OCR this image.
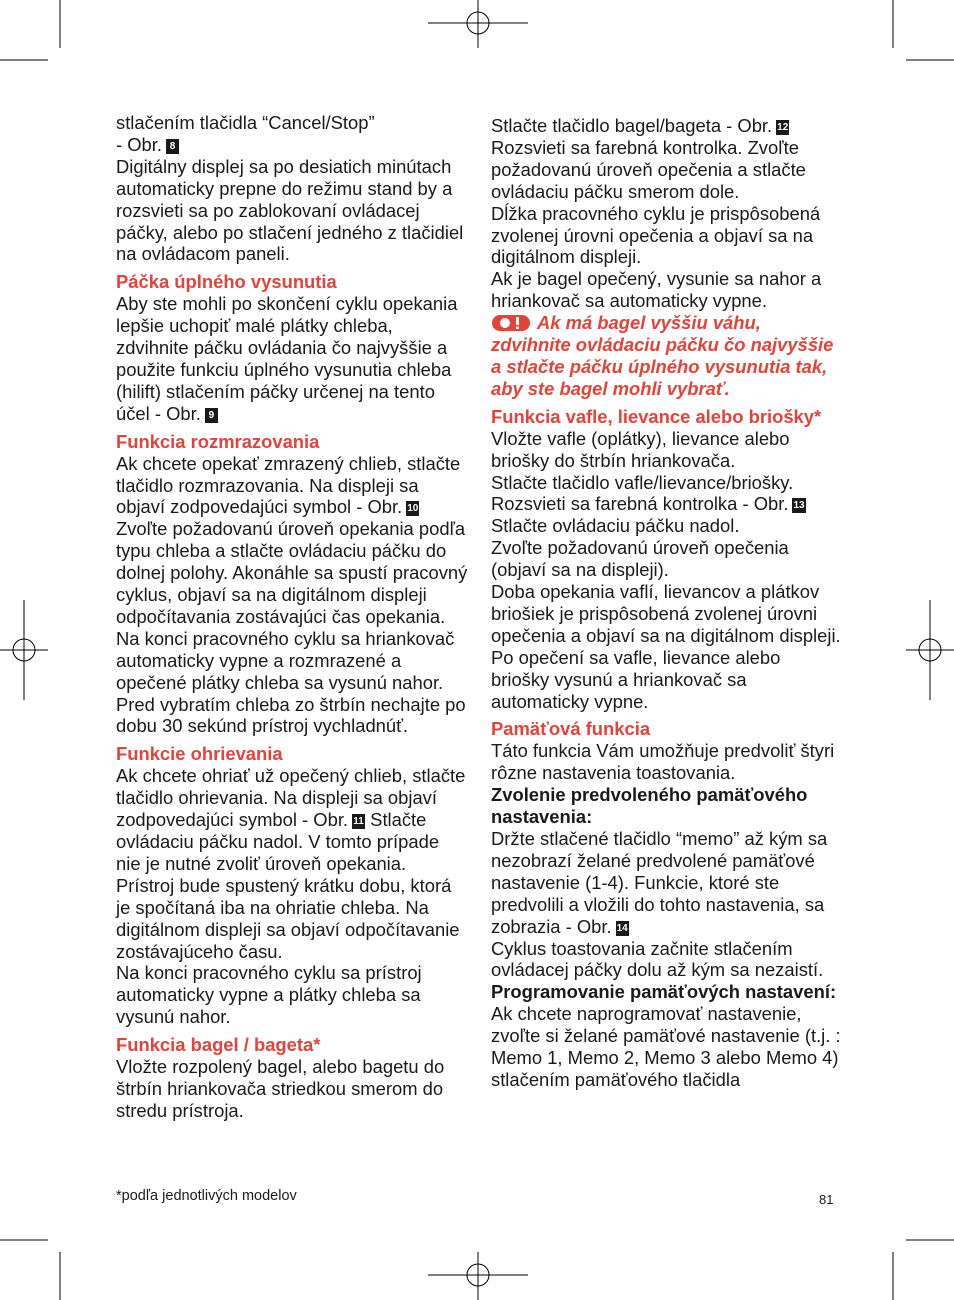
stlačením tlačidla “Cancel/Stop”
- Obr. 8

Digitálny displej sa po desiatich minútach automaticky prepne do režimu stand by a rozsvieti sa po zablokovaní ovládacej páčky, alebo po stlačení jedného z tlačidiel na ovládacom paneli.

Páčka úplného vysunutia

Aby ste mohli po skončení cyklu opekania lepšie uchopiť malé plátky chleba, zdvihnite páčku ovládania čo najvyššie a použite funkciu úplného vysunutia chleba (hilift) stlačením páčky určenej na tento účel - Obr. 9

Funkcia rozmrazovania

Ak chcete opekať zmrazený chlieb, stlačte tlačidlo rozmrazovania. Na displeji sa objaví zodpovedajúci symbol - Obr. 10 Zvoľte požadovanú úroveň opekania podľa typu chleba a stlačte ovládaciu páčku do dolnej polohy. Akonáhle sa spustí pracovný cyklus, objaví sa na digitálnom displeji odpočítavania zostávajúci čas opekania. Na konci pracovného cyklu sa hriankovač automaticky vypne a rozmrazené a opečené plátky chleba sa vysunú nahor.

Pred vybratím chleba zo štrbín nechajte po dobu 30 sekúnd prístroj vychladnúť.

Funkcie ohrievania

Ak chcete ohriať už opečený chlieb, stlačte tlačidlo ohrievania. Na displeji sa objaví zodpovedajúci symbol - Obr. 11 Stlačte ovládaciu páčku nadol. V tomto prípade nie je nutné zvoliť úroveň opekania. Prístroj bude spustený krátku dobu, ktorá je spočítaná iba na ohriatie chleba. Na digitálnom displeji sa objaví odpočítavanie zostávajúceho času.

Na konci pracovného cyklu sa prístroj automaticky vypne a plátky chleba sa vysunú nahor.

Funkcia bagel / bageta*

Vložte rozpolený bagel, alebo bagetu do štrbín hriankovača striedkou smerom do stredu prístroja.

Stlačte tlačidlo bagel/bageta - Obr. 12

Rozsvieti sa farebná kontrolka. Zvoľte požadovanú úroveň opečenia a stlačte ovládaciu páčku smerom dole.

Dĺžka pracovného cyklu je prispôsobená zvolenej úrovni opečenia a objaví sa na digitálnom displeji.

Ak je bagel opečený, vysunie sa nahor a hriankovač sa automaticky vypne.

Ak má bagel vyššiu váhu, zdvihnite ovládaciu páčku čo najvyššie a stlačte páčku úplného vysunutia tak, aby ste bagel mohli vybrať.

Funkcia vafle, lievance alebo briošky*

Vložte vafle (oplátky), lievance alebo briošky do štrbín hriankovača.

Stlačte tlačidlo vafle/lievance/briošky.

Rozsvieti sa farebná kontrolka - Obr. 13

Stlačte ovládaciu páčku nadol.

Zvoľte požadovanú úroveň opečenia (objaví sa na displeji).

Doba opekania vaflí, lievancov a plátkov briošiek je prispôsobená zvolenej úrovni opečenia a objaví sa na digitálnom displeji.

Po opečení sa vafle, lievance alebo briošky vysunú a hriankovač sa automaticky vypne.

Pamäťová funkcia

Táto funkcia Vám umožňuje predvoliť štyri rôzne nastavenia toastovania.

Zvolenie predvoleného pamäťového nastavenia:

Držte stlačené tlačidlo “memo” až kým sa nezobrazí želané predvolené pamäťové nastavenie (1-4). Funkcie, ktoré ste predvolili a vložili do tohto nastavenia, sa zobrazia - Obr. 14

Cyklus toastovania začnite stlačením ovládacej páčky dolu až kým sa nezaistí.

Programovanie pamäťových nastavení:

Ak chcete naprogramovať nastavenie, zvoľte si želané pamäťové nastavenie (t.j. : Memo 1, Memo 2, Memo 3 alebo Memo 4) stlačením pamäťového tlačidla

*podľa jednotlivých modelov	81
